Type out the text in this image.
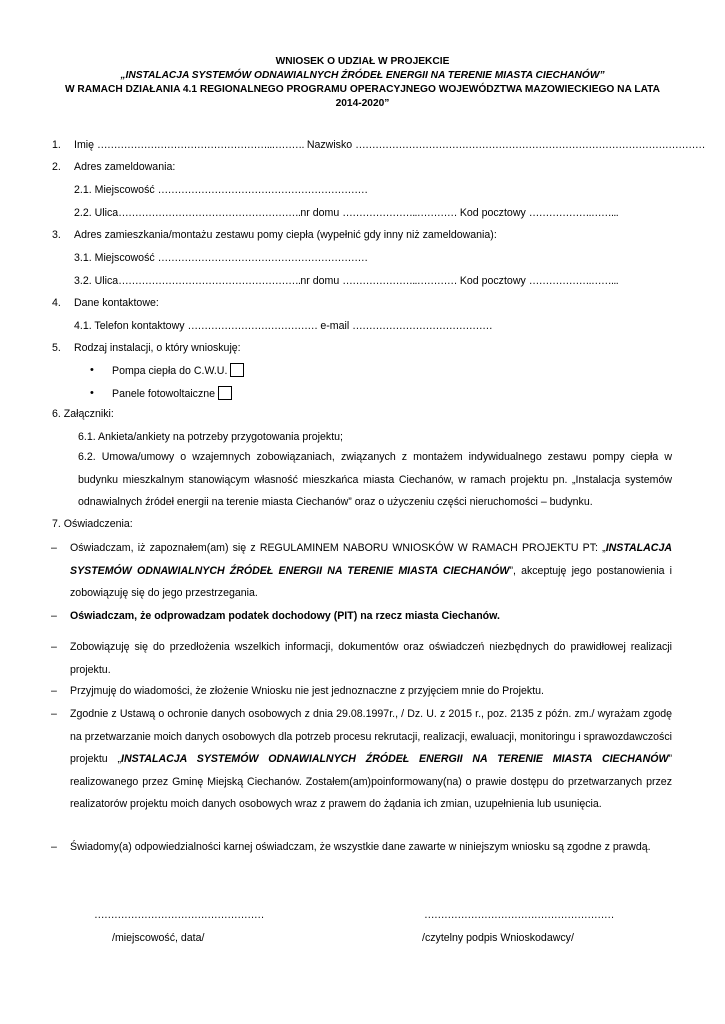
WNIOSEK O UDZIAŁ W PROJEKCIE
„INSTALACJA SYSTEMÓW ODNAWIALNYCH ŹRÓDEŁ ENERGII NA TERENIE MIASTA CIECHANÓW”
W RAMACH DZIAŁANIA 4.1 REGIONALNEGO PROGRAMU OPERACYJNEGO WOJEWÓDZTWA MAZOWIECKIEGO NA LATA
2014-2020”
1. Imię ……………………………………………..………. Nazwisko ……………………………………………………………………………………………
2. Adres zameldowania:
2.1. Miejscowość ………………………………………………………
2.2. Ulica……………………………………………….nr domu …………………..………… Kod pocztowy ……………….……...
3. Adres zamieszkania/montażu zestawu pomy ciepła (wypełnić gdy inny niż zameldowania):
3.1. Miejscowość ………………………………………………………
3.2. Ulica……………………………………………….nr domu …………………..………… Kod pocztowy ……………….……...
4. Dane kontaktowe:
4.1. Telefon kontaktowy ………………………………… e-mail ……………………………………
5. Rodzaj instalacji, o który wnioskuję:
• Pompa ciepła do C.W.U.
• Panele fotowoltaiczne
6. Załączniki:
6.1. Ankieta/ankiety na potrzeby przygotowania projektu;
6.2. Umowa/umowy o wzajemnych zobowiązaniach, związanych z montażem indywidualnego zestawu pompy ciepła w budynku mieszkalnym stanowiącym własność mieszkańca miasta Ciechanów, w ramach projektu pn. „Instalacja systemów odnawialnych źródeł energii na terenie miasta Ciechanów” oraz o użyczeniu części nieruchomości – budynku.
7. Oświadczenia:
– Oświadczam, iż zapoznałem(am) się z REGULAMINEM NABORU WNIOSKÓW W RAMACH PROJEKTU PT: „INSTALACJA SYSTEMÓW ODNAWIALNYCH ŹRÓDEŁ ENERGII NA TERENIE MIASTA CIECHANÓW”, akceptuję jego postanowienia i zobowiązuję się do jego przestrzegania.
– Oświadczam, że odprowadzam podatek dochodowy (PIT) na rzecz miasta Ciechanów.
– Zobowiązuję się do przedłożenia wszelkich informacji, dokumentów oraz oświadczeń niezbędnych do prawidłowej realizacji projektu.
– Przyjmuję do wiadomości, że złożenie Wniosku nie jest jednoznaczne z przyjęciem mnie do Projektu.
– Zgodnie z Ustawą o ochronie danych osobowych z dnia 29.08.1997r., / Dz. U. z 2015 r., poz. 2135 z późn. zm./ wyrażam zgodę na przetwarzanie moich danych osobowych dla potrzeb procesu rekrutacji, realizacji, ewaluacji, monitoringu i sprawozdawczości projektu „INSTALACJA SYSTEMÓW ODNAWIALNYCH ŹRÓDEŁ ENERGII NA TERENIE MIASTA CIECHANÓW” realizowanego przez Gminę Miejską Ciechanów. Zostałem(am)poinformowany(na) o prawie dostępu do przetwarzanych przez realizatorów projektu moich danych osobowych wraz z prawem do żądania ich zmian, uzupełnienia lub usunięcia.
– Świadomy(a) odpowiedzialności karnej oświadczam, że wszystkie dane zawarte w niniejszym wniosku są zgodne z prawdą.
……………………………………………
/miejscowość, data/
…………………………………………………
/czytelny podpis Wnioskodawcy/
